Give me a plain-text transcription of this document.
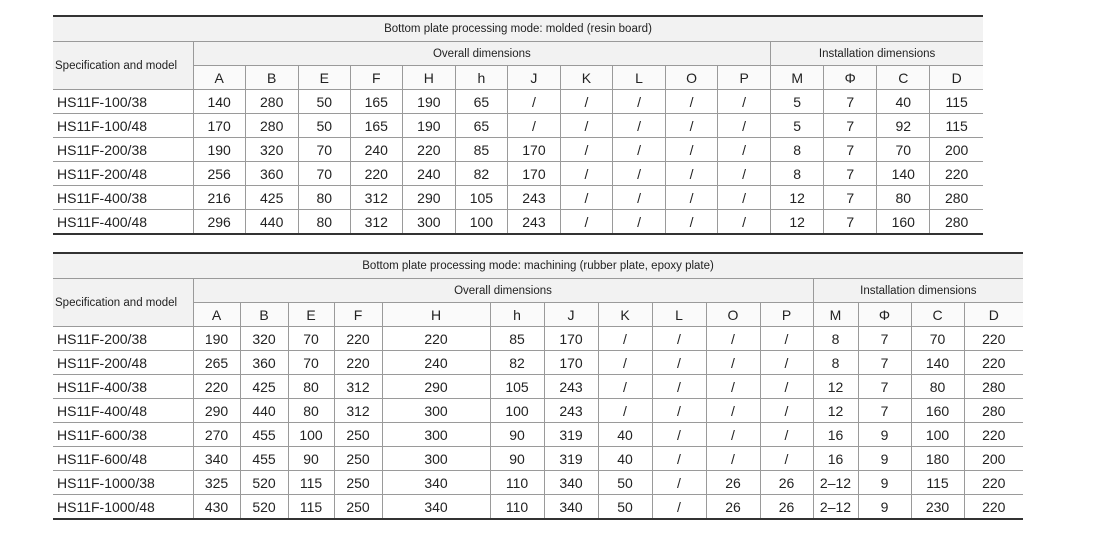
Bottom plate processing mode: molded (resin board)															
Specification and model	Overall dimensions											Installation dimensions			
	A	B	E	F	H	h	J	K	L	O	P	M	Φ	C	D
HS11F-100/38	140	280	50	165	190	65	/	/	/	/	/	5	7	40	115
HS11F-100/48	170	280	50	165	190	65	/	/	/	/	/	5	7	92	115
HS11F-200/38	190	320	70	240	220	85	170	/	/	/	/	8	7	70	200
HS11F-200/48	256	360	70	220	240	82	170	/	/	/	/	8	7	140	220
HS11F-400/38	216	425	80	312	290	105	243	/	/	/	/	12	7	80	280
HS11F-400/48	296	440	80	312	300	100	243	/	/	/	/	12	7	160	280
Bottom plate processing mode: machining (rubber plate, epoxy plate)															
Specification and model	Overall dimensions											Installation dimensions			
	A	B	E	F	H	h	J	K	L	O	P	M	Φ	C	D
HS11F-200/38	190	320	70	220	220	85	170	/	/	/	/	8	7	70	220
HS11F-200/48	265	360	70	220	240	82	170	/	/	/	/	8	7	140	220
HS11F-400/38	220	425	80	312	290	105	243	/	/	/	/	12	7	80	280
HS11F-400/48	290	440	80	312	300	100	243	/	/	/	/	12	7	160	280
HS11F-600/38	270	455	100	250	300	90	319	40	/	/	/	16	9	100	220
HS11F-600/48	340	455	90	250	300	90	319	40	/	/	/	16	9	180	200
HS11F-1000/38	325	520	115	250	340	110	340	50	/	26	26	2–12	9	115	220
HS11F-1000/48	430	520	115	250	340	110	340	50	/	26	26	2–12	9	230	220
